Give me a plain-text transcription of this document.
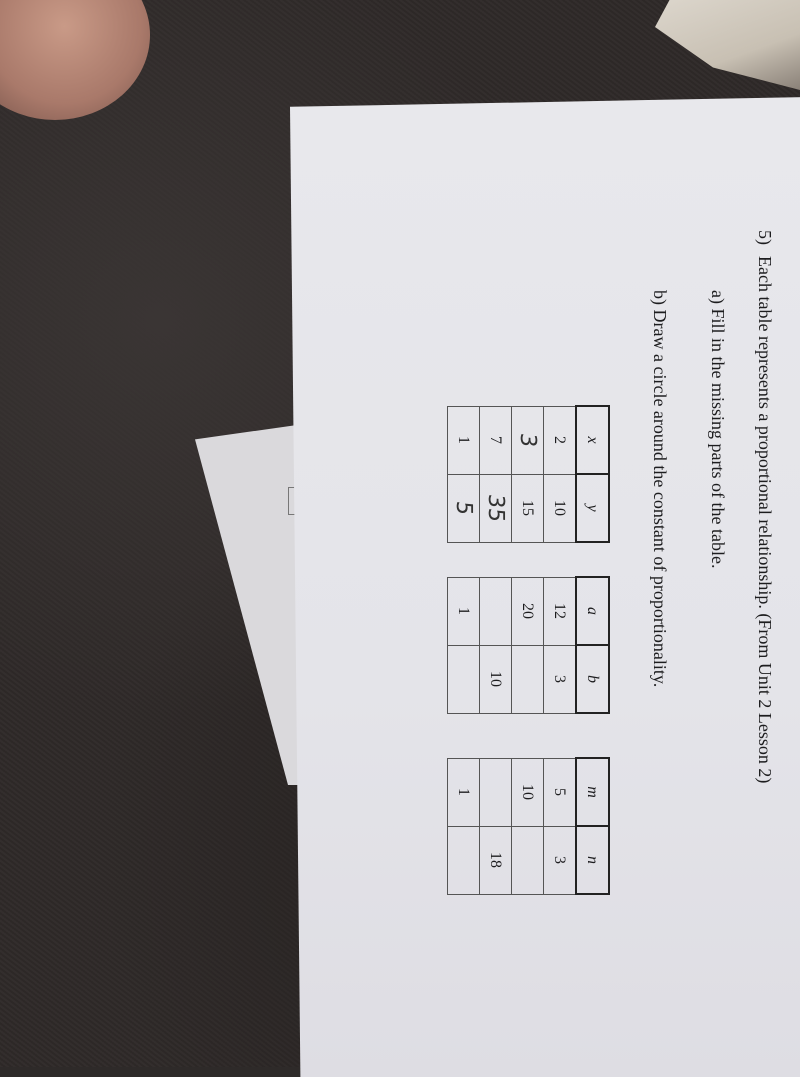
5)
Each table represents a proportional relationship. (From Unit 2 Lesson 2)
a) Fill in the missing parts of the table.
b) Draw a circle around the constant of proportionality.
x	y
2	10
3	15
7	35
1	5
a	b
12	3
20	
	10
1	
m	n
5	3
10	
	18
1	
